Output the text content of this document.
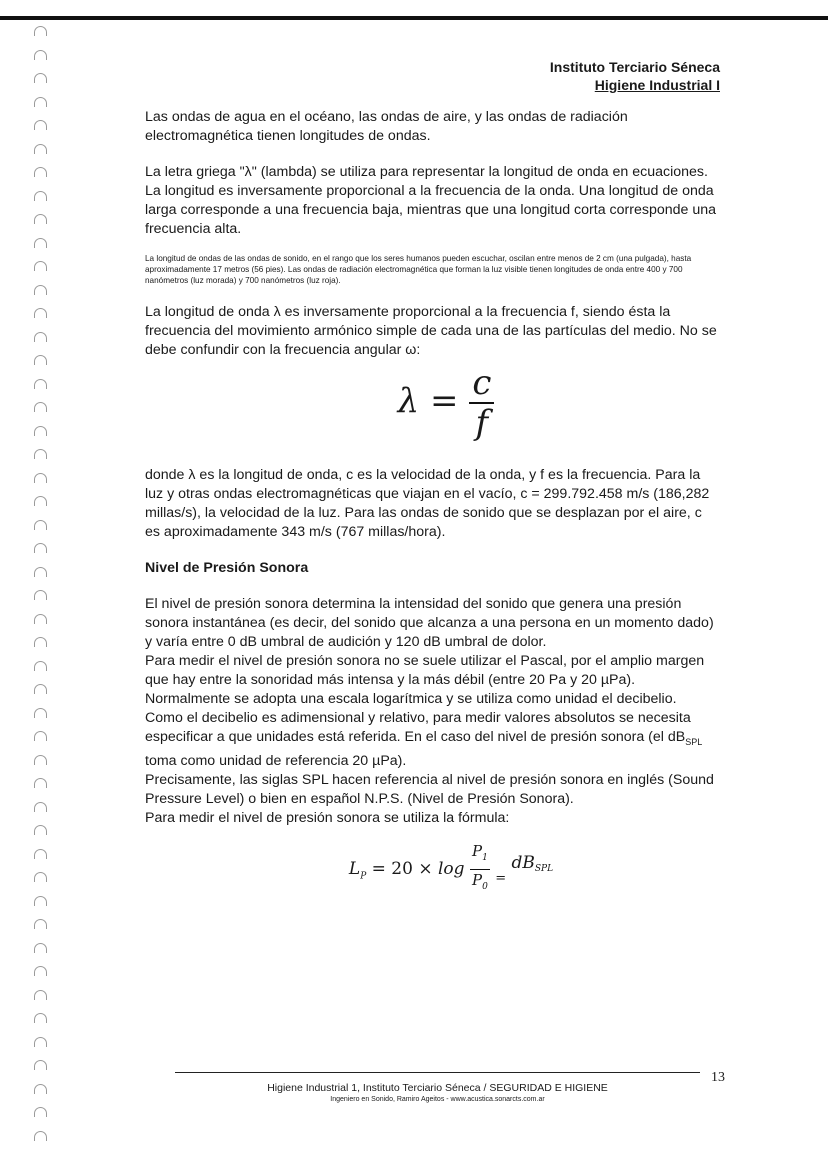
Instituto Terciario Séneca
Higiene Industrial I

Las ondas de agua en el océano, las ondas de aire, y las ondas de radiación electromagnética tienen longitudes de ondas.

La letra griega "λ" (lambda) se utiliza para representar la longitud de onda en ecuaciones. La longitud es inversamente proporcional a la frecuencia de la onda. Una longitud de onda larga corresponde a una frecuencia baja, mientras que una longitud corta corresponde una frecuencia alta.

La longitud de ondas de las ondas de sonido, en el rango que los seres humanos pueden escuchar, oscilan entre menos de 2 cm (una pulgada), hasta aproximadamente 17 metros (56 pies). Las ondas de radiación electromagnética que forman la luz visible tienen longitudes de onda entre 400 y 700 nanómetros (luz morada) y 700 nanómetros (luz roja).

La longitud de onda λ es inversamente proporcional a la frecuencia f, siendo ésta la frecuencia del movimiento armónico simple de cada una de las partículas del medio. No se debe confundir con la frecuencia angular ω:

$\lambda = \frac{c}{f}$

donde λ es la longitud de onda, c es la velocidad de la onda, y f es la frecuencia. Para la luz y otras ondas electromagnéticas que viajan en el vacío, c = 299.792.458 m/s (186,282 millas/s), la velocidad de la luz. Para las ondas de sonido que se desplazan por el aire, c es aproximadamente 343 m/s (767 millas/hora).

Nivel de Presión Sonora

El nivel de presión sonora determina la intensidad del sonido que genera una presión sonora instantánea (es decir, del sonido que alcanza a una persona en un momento dado) y varía entre 0 dB umbral de audición y 120 dB umbral de dolor.

Para medir el nivel de presión sonora no se suele utilizar el Pascal, por el amplio margen que hay entre la sonoridad más intensa y la más débil (entre 20 Pa y 20 µPa).

Normalmente se adopta una escala logarítmica y se utiliza como unidad el decibelio. Como el decibelio es adimensional y relativo, para medir valores absolutos se necesita especificar a que unidades está referida. En el caso del nivel de presión sonora (el $dB_{SPL}$ toma como unidad de referencia 20 µPa).

Precisamente, las siglas SPL hacen referencia al nivel de presión sonora en inglés (Sound Pressure Level) o bien en español N.P.S. (Nivel de Presión Sonora).

Para medir el nivel de presión sonora se utiliza la fórmula:

$L_P = 20 \times \log \frac{P_1}{P_0} _=$ $dB_{SPL}$
13
Higiene Industrial 1, Instituto Terciario Séneca / SEGURIDAD E HIGIENE
Ingeniero en Sonido, Ramiro Ageitos - www.acustica.sonarcts.com.ar
